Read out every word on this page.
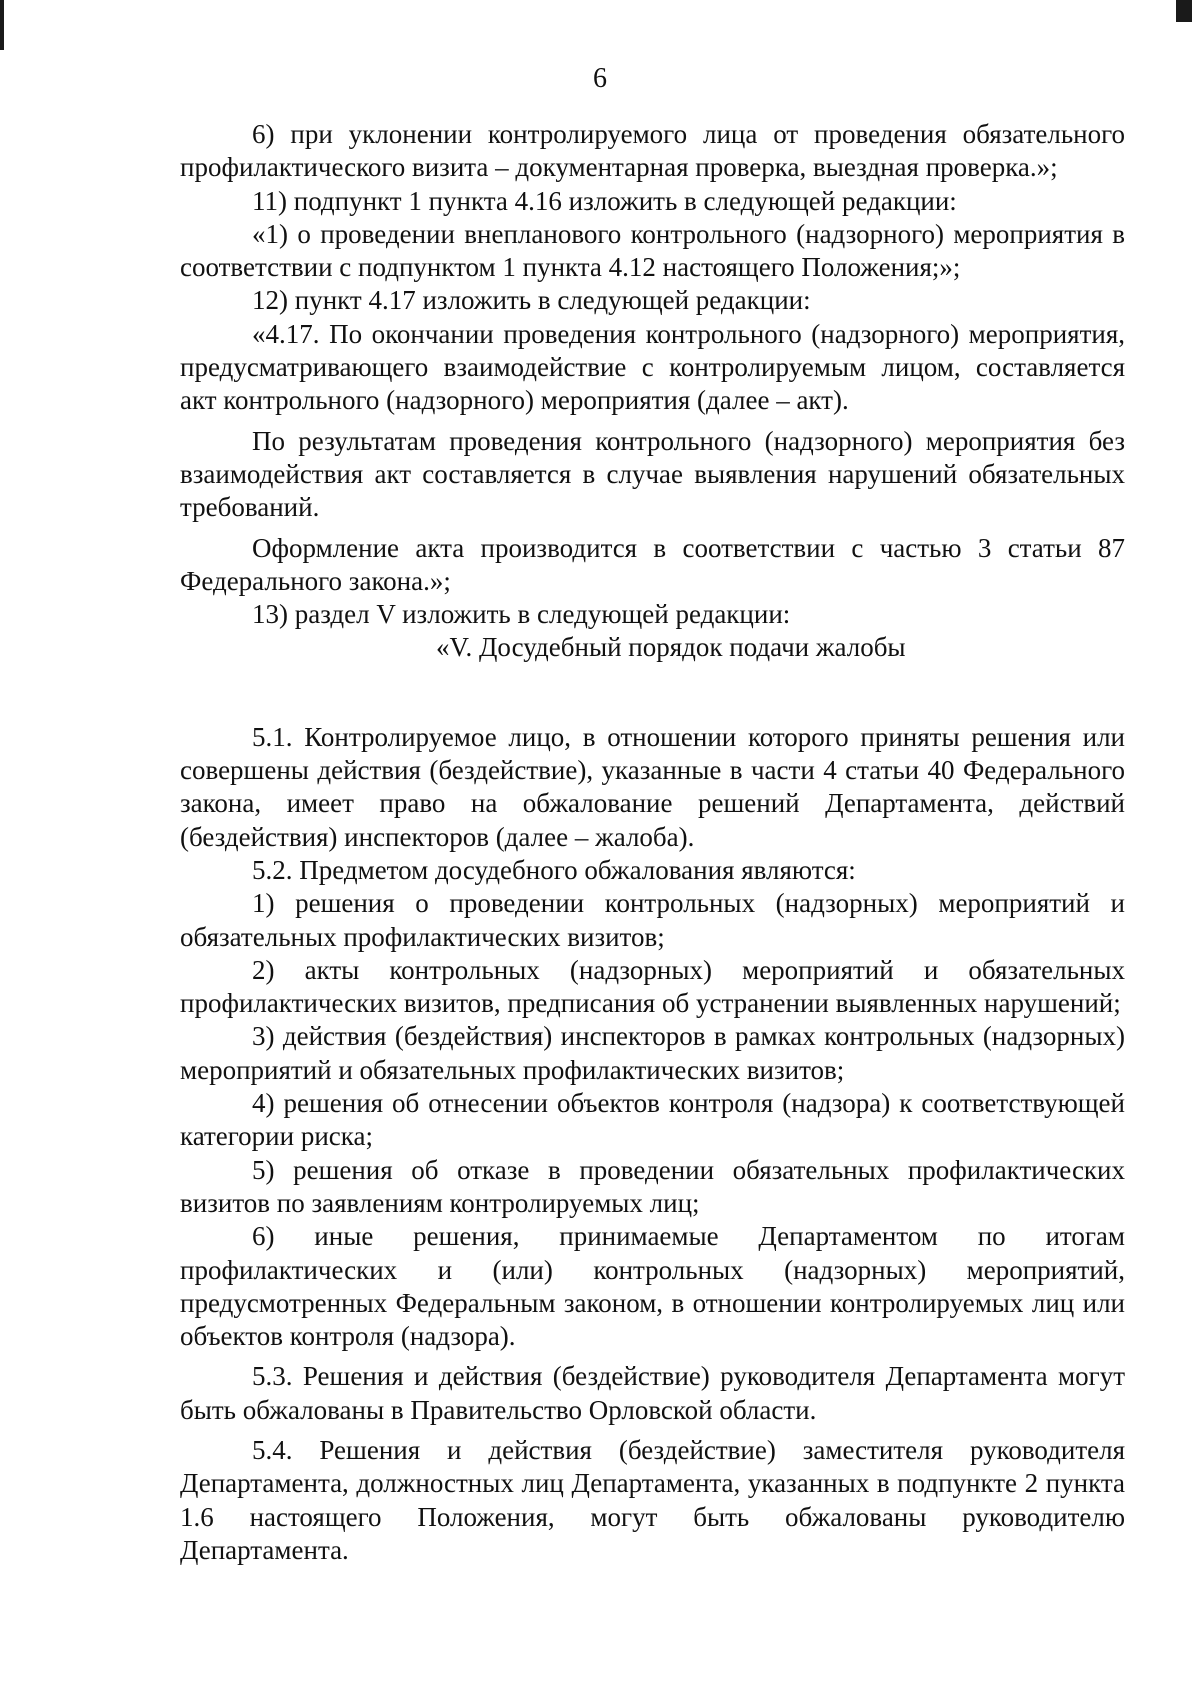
6

6) при уклонении контролируемого лица от проведения обязательного профилактического визита – документарная проверка, выездная проверка.»;

11) подпункт 1 пункта 4.16 изложить в следующей редакции:

«1) о проведении внепланового контрольного (надзорного) мероприятия в соответствии с подпунктом 1 пункта 4.12 настоящего Положения;»;

12) пункт 4.17 изложить в следующей редакции:

«4.17. По окончании проведения контрольного (надзорного) мероприятия, предусматривающего взаимодействие с контролируемым лицом, составляется акт контрольного (надзорного) мероприятия (далее – акт).

По результатам проведения контрольного (надзорного) мероприятия без взаимодействия акт составляется в случае выявления нарушений обязательных требований.

Оформление акта производится в соответствии с частью 3 статьи 87 Федерального закона.»;

13) раздел V изложить в следующей редакции:

«V. Досудебный порядок подачи жалобы

5.1. Контролируемое лицо, в отношении которого приняты решения или совершены действия (бездействие), указанные в части 4 статьи 40 Федерального закона, имеет право на обжалование решений Департамента, действий (бездействия) инспекторов (далее – жалоба).

5.2. Предметом досудебного обжалования являются:

1) решения о проведении контрольных (надзорных) мероприятий и обязательных профилактических визитов;

2) акты контрольных (надзорных) мероприятий и обязательных профилактических визитов, предписания об устранении выявленных нарушений;

3) действия (бездействия) инспекторов в рамках контрольных (надзорных) мероприятий и обязательных профилактических визитов;

4) решения об отнесении объектов контроля (надзора) к соответствующей категории риска;

5) решения об отказе в проведении обязательных профилактических визитов по заявлениям контролируемых лиц;

6) иные решения, принимаемые Департаментом по итогам профилактических и (или) контрольных (надзорных) мероприятий, предусмотренных Федеральным законом, в отношении контролируемых лиц или объектов контроля (надзора).

5.3. Решения и действия (бездействие) руководителя Департамента могут быть обжалованы в Правительство Орловской области.

5.4. Решения и действия (бездействие) заместителя руководителя Департамента, должностных лиц Департамента, указанных в подпункте 2 пункта 1.6 настоящего Положения, могут быть обжалованы руководителю Департамента.
